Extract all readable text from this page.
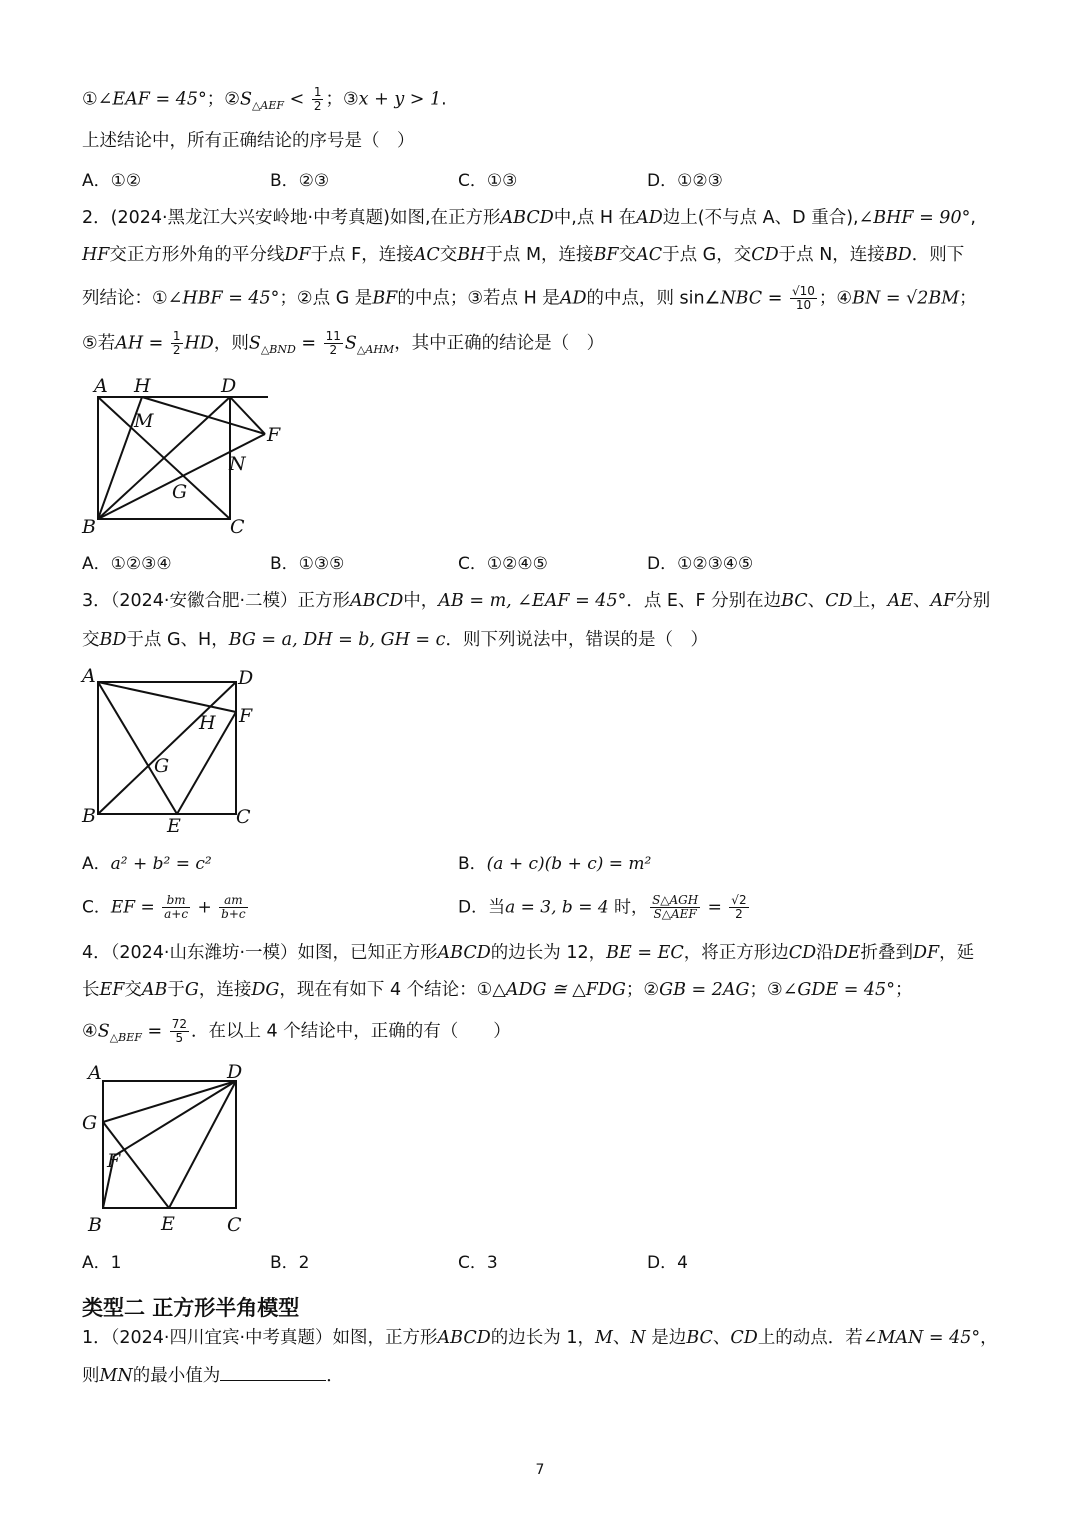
①∠EAF = 45°；$②S_{\triangle AEF} < \frac{1}{2}$ ；③x + y > 1.
上述结论中，所有正确结论的序号是（　）
A．①②	B．②③	C．①③	D．①②③
2．(2024·黑龙江大兴安岭地·中考真题)如图,在正方形ABCD中,点 H 在AD边上(不与点 A、D 重合),∠BHF = 90°,
HF交正方形外角的平分线DF于点 F，连接AC交BH于点 M，连接BF交AC于点 G，交CD于点 N，连接BD．则下
列结论：①∠HBF = 45°；②点 G 是BF的中点；③若点 H 是AD的中点，则 sin∠NBC = $\frac{√10}{10}$ ；④BN = √2BM；
⑤若AH = $\frac{1}{2}$ HD，则$S_{\triangle BND} = \frac{11}{2} S_{\triangle AHM}$，其中正确的结论是（　）
A H	D
M
F
N
G
B	C
A．①②③④	B．①③⑤	C．①②④⑤	D．①②③④⑤
3．（2024·安徽合肥·二模）正方形ABCD中，AB = m, ∠EAF = 45°．点 E、F 分别在边BC、CD上，AE、AF分别
交BD于点 G、H，BG = a, DH = b, GH = c．则下列说法中，错误的是（　）
A	D
F
H
G
B	E	C
A．a² + b² = c²	B．(a + c)(b + c) = m²
C．EF = $\frac{bm}{a+c} + \frac{am}{b+c}$	D．当a = 3, b = 4 时， $\frac{\text{S△AGH}}{\text{S△AEF}} = \frac{√2}{2}$
4．（2024·山东潍坊·一模）如图，已知正方形ABCD的边长为 12，BE = EC，将正方形边CD沿DE折叠到DF，延
长EF交AB于G，连接DG，现在有如下 4 个结论：①△ADG ≅ △FDG；②GB = 2AG；③∠GDE = 45°；
$④S_{\triangle BEF} = \frac{72}{5}$ ．在以上 4 个结论中，正确的有（　　）
A	D
G
F
B	E	C
A．1	B．2	C．3	D．4
类型二 正方形半角模型
1．（2024·四川宜宾·中考真题）如图，正方形ABCD的边长为 1，M、N 是边BC、CD上的动点．若∠MAN = 45°，
则MN的最小值为	．
7
